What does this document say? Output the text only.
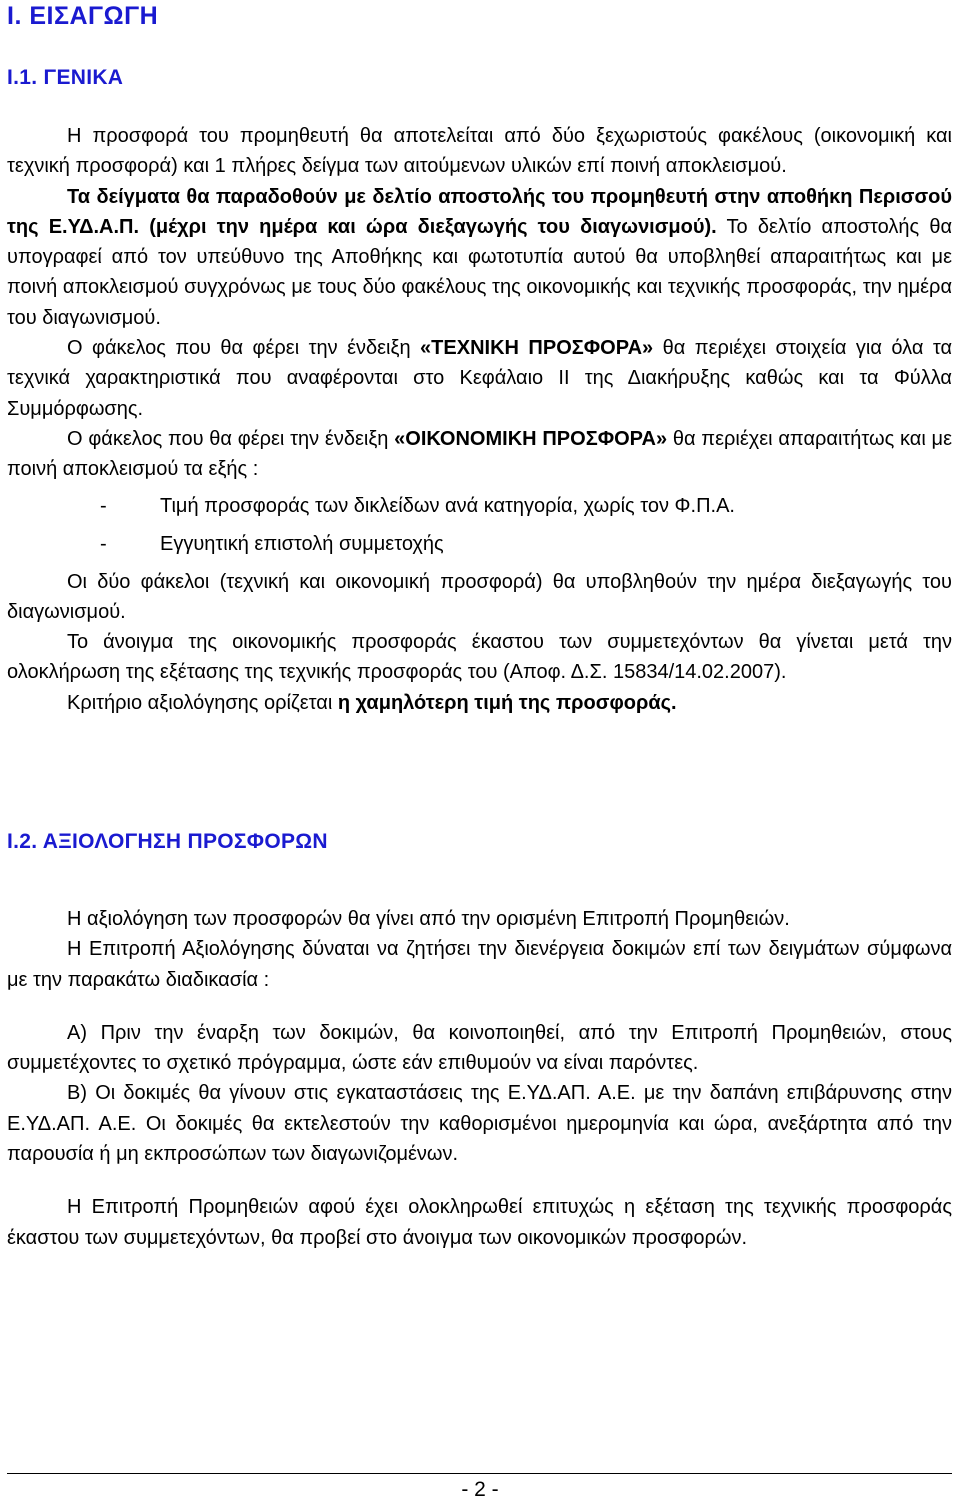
Ι. ΕΙΣΑΓΩΓΗ
Ι.1. ΓΕΝΙΚΑ

Η προσφορά του προμηθευτή θα αποτελείται από δύο ξεχωριστούς φακέλους (οικονομική και τεχνική προσφορά) και 1 πλήρες δείγμα των αιτούμενων υλικών επί ποινή αποκλεισμού.

Τα δείγματα θα παραδοθούν με δελτίο αποστολής του προμηθευτή στην αποθήκη Περισσού της Ε.ΥΔ.Α.Π. (μέχρι την ημέρα και ώρα διεξαγωγής του διαγωνισμού). Το δελτίο αποστολής θα υπογραφεί από τον υπεύθυνο της Αποθήκης και φωτοτυπία αυτού θα υποβληθεί απαραιτήτως και με ποινή αποκλεισμού συγχρόνως με τους δύο φακέλους της οικονομικής και τεχνικής προσφοράς, την ημέρα του διαγωνισμού.

Ο φάκελος που θα φέρει την ένδειξη «ΤΕΧΝΙΚΗ ΠΡΟΣΦΟΡΑ» θα περιέχει στοιχεία για όλα τα τεχνικά χαρακτηριστικά που αναφέρονται στο Κεφάλαιο ΙΙ της Διακήρυξης καθώς και τα Φύλλα Συμμόρφωσης.

Ο φάκελος που θα φέρει την ένδειξη «ΟΙΚΟΝΟΜΙΚΗ ΠΡΟΣΦΟΡΑ» θα περιέχει απαραιτήτως και με ποινή αποκλεισμού τα εξής :

-	Τιμή προσφοράς των δικλείδων ανά κατηγορία, χωρίς τον Φ.Π.Α.
-	Εγγυητική επιστολή συμμετοχής

Οι δύο φάκελοι (τεχνική και οικονομική προσφορά) θα υποβληθούν την ημέρα διεξαγωγής του διαγωνισμού.

Το άνοιγμα της οικονομικής προσφοράς έκαστου των συμμετεχόντων θα γίνεται μετά την ολοκλήρωση της εξέτασης της τεχνικής προσφοράς του (Αποφ. Δ.Σ. 15834/14.02.2007).

Κριτήριο αξιολόγησης ορίζεται η χαμηλότερη τιμή της προσφοράς.

Ι.2. ΑΞΙΟΛΟΓΗΣΗ ΠΡΟΣΦΟΡΩΝ

Η αξιολόγηση των προσφορών θα γίνει από την ορισμένη Επιτροπή Προμηθειών.

Η Επιτροπή Αξιολόγησης δύναται να ζητήσει την διενέργεια δοκιμών επί των δειγμάτων σύμφωνα με την παρακάτω διαδικασία :

Α) Πριν την έναρξη των δοκιμών, θα κοινοποιηθεί, από την Επιτροπή Προμηθειών, στους συμμετέχοντες το σχετικό πρόγραμμα, ώστε εάν επιθυμούν να είναι παρόντες.

Β) Οι δοκιμές θα γίνουν στις εγκαταστάσεις της Ε.ΥΔ.ΑΠ. Α.Ε. με την δαπάνη επιβάρυνσης στην Ε.ΥΔ.ΑΠ. Α.Ε. Οι δοκιμές θα εκτελεστούν την καθορισμένοι ημερομηνία και ώρα, ανεξάρτητα από την παρουσία ή μη εκπροσώπων των διαγωνιζομένων.

Η Επιτροπή Προμηθειών αφού έχει ολοκληρωθεί επιτυχώς η εξέταση της τεχνικής προσφοράς έκαστου των συμμετεχόντων, θα προβεί στο άνοιγμα των οικονομικών προσφορών.

- 2 -
